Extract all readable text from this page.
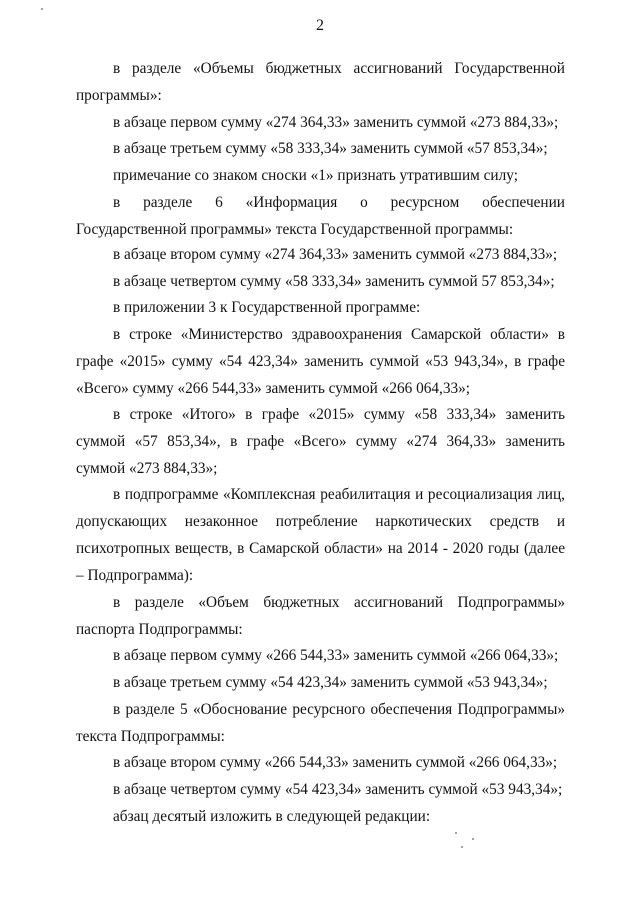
2
в разделе «Объемы бюджетных ассигнований Государственной программы»:
в абзаце первом сумму «274 364,33» заменить суммой «273 884,33»;
в абзаце третьем сумму «58 333,34» заменить суммой «57 853,34»;
примечание со знаком сноски «1» признать утратившим силу;
в разделе 6 «Информация о ресурсном обеспечении Государственной программы» текста Государственной программы:
в абзаце втором сумму «274 364,33» заменить суммой «273 884,33»;
в абзаце четвертом сумму «58 333,34» заменить суммой 57 853,34»;
в приложении 3 к Государственной программе:
в строке «Министерство здравоохранения Самарской области» в графе «2015» сумму «54 423,34» заменить суммой «53 943,34», в графе «Всего» сумму «266 544,33» заменить суммой «266 064,33»;
в строке «Итого» в графе «2015» сумму «58 333,34» заменить суммой «57 853,34», в графе «Всего» сумму «274 364,33» заменить суммой «273 884,33»;
в подпрограмме «Комплексная реабилитация и ресоциализация лиц, допускающих незаконное потребление наркотических средств и психотропных веществ, в Самарской области» на 2014 - 2020 годы (далее – Подпрограмма):
в разделе «Объем бюджетных ассигнований Подпрограммы» паспорта Подпрограммы:
в абзаце первом сумму «266 544,33» заменить суммой «266 064,33»;
в абзаце третьем сумму «54 423,34» заменить суммой «53 943,34»;
в разделе 5 «Обоснование ресурсного обеспечения Подпрограммы» текста Подпрограммы:
в абзаце втором сумму «266 544,33» заменить суммой «266 064,33»;
в абзаце четвертом сумму «54 423,34» заменить суммой «53 943,34»;
абзац десятый изложить в следующей редакции:
